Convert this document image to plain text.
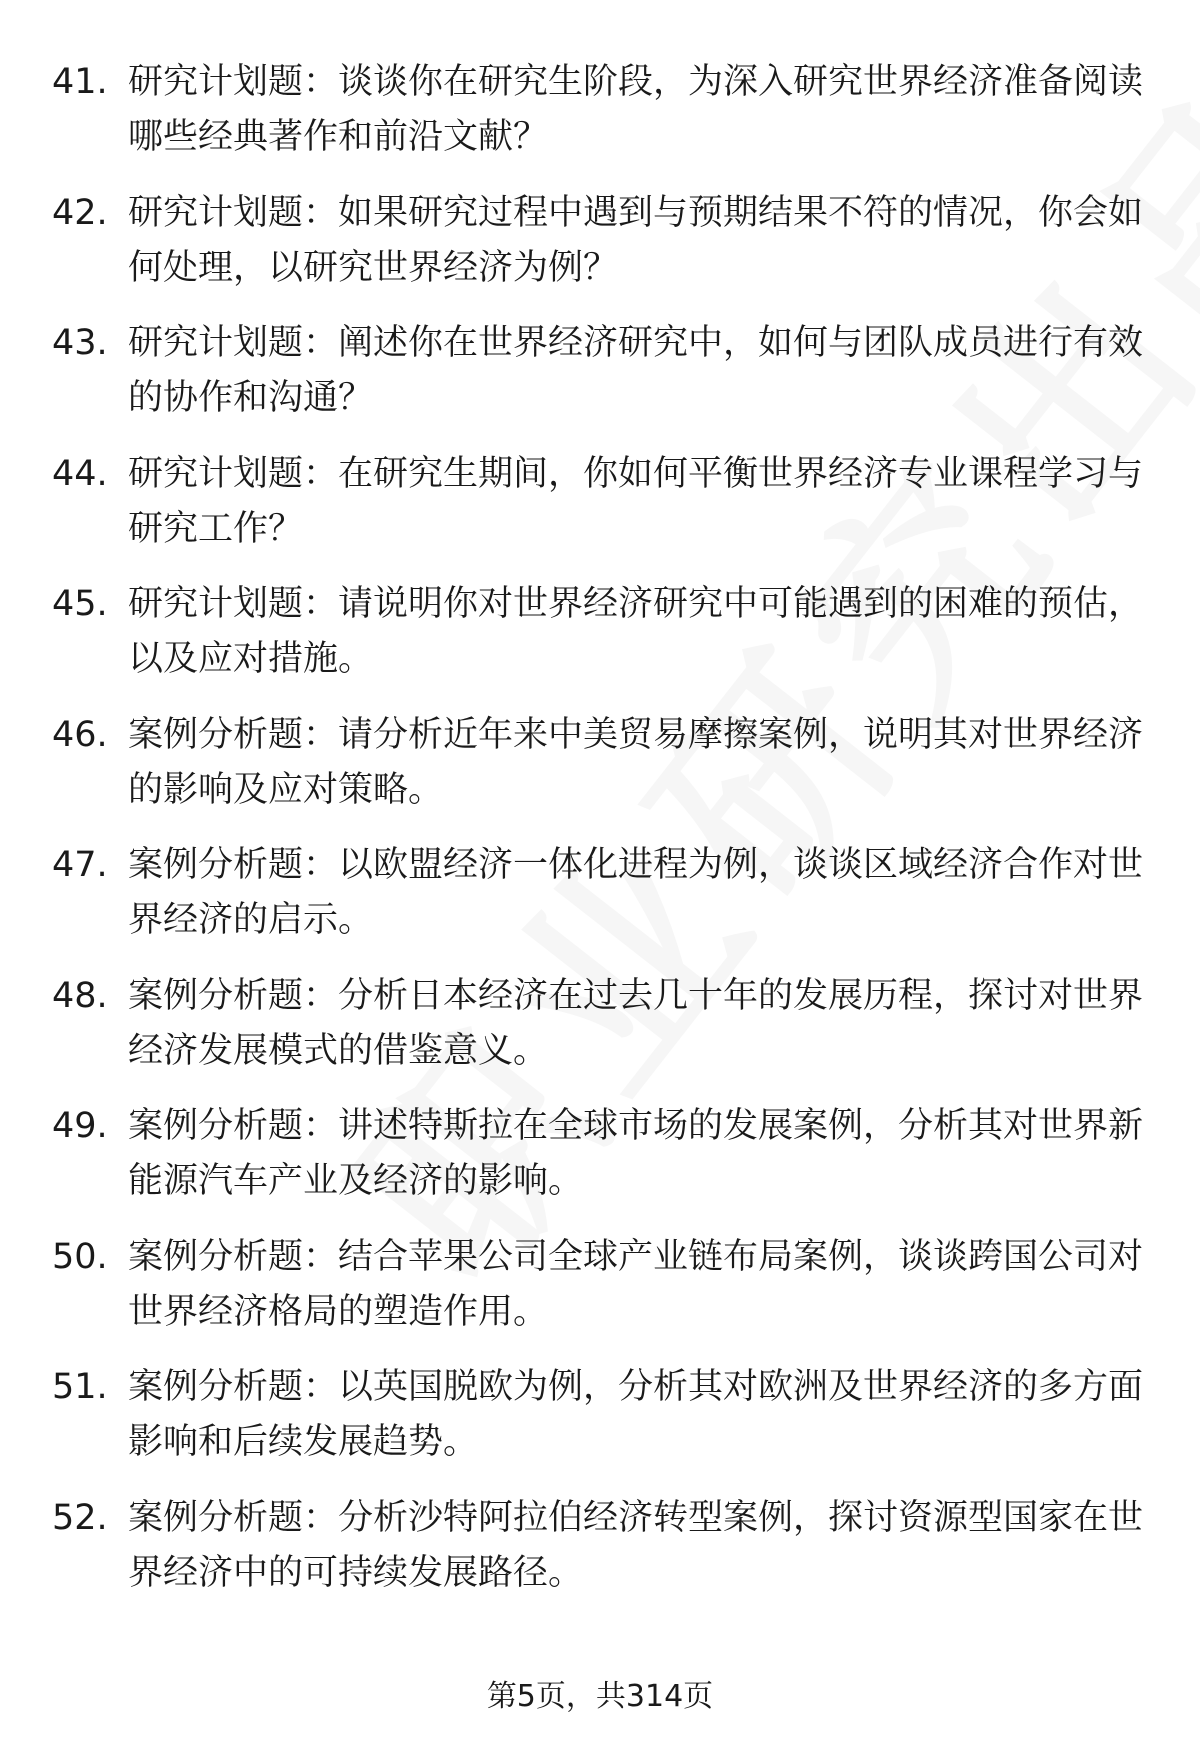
41. 研究计划题：谈谈你在研究生阶段，为深入研究世界经济准备阅读哪些经典著作和前沿文献？
42. 研究计划题：如果研究过程中遇到与预期结果不符的情况，你会如何处理，以研究世界经济为例？
43. 研究计划题：阐述你在世界经济研究中，如何与团队成员进行有效的协作和沟通？
44. 研究计划题：在研究生期间，你如何平衡世界经济专业课程学习与研究工作？
45. 研究计划题：请说明你对世界经济研究中可能遇到的困难的预估，以及应对措施。
46. 案例分析题：请分析近年来中美贸易摩擦案例，说明其对世界经济的影响及应对策略。
47. 案例分析题：以欧盟经济一体化进程为例，谈谈区域经济合作对世界经济的启示。
48. 案例分析题：分析日本经济在过去几十年的发展历程，探讨对世界经济发展模式的借鉴意义。
49. 案例分析题：讲述特斯拉在全球市场的发展案例，分析其对世界新能源汽车产业及经济的影响。
50. 案例分析题：结合苹果公司全球产业链布局案例，谈谈跨国公司对世界经济格局的塑造作用。
51. 案例分析题：以英国脱欧为例，分析其对欧洲及世界经济的多方面影响和后续发展趋势。
52. 案例分析题：分析沙特阿拉伯经济转型案例，探讨资源型国家在世界经济中的可持续发展路径。
第5页，共314页
